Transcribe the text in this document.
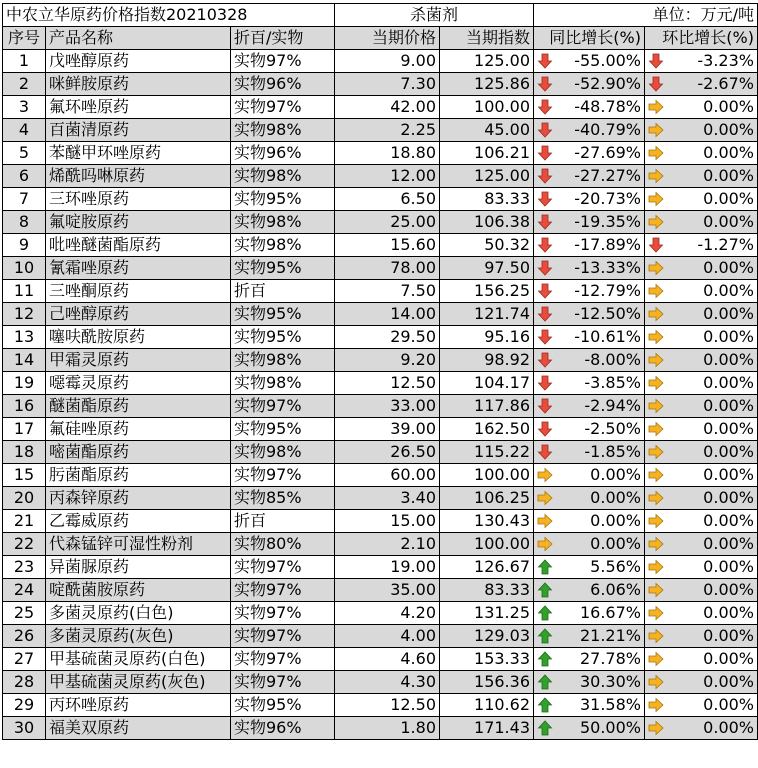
中农立华原药价格指数20210328			杀菌剂		单位：万元/吨	
序号	产品名称	折百/实物	当期价格	当期指数	同比增长(%)	环比增长(%)
1	戊唑醇原药	实物97%	9.00	125.00	-55.00%	-3.23%

2	咪鲜胺原药	实物96%	7.30	125.86	-52.90%	-2.67%

3	氟环唑原药	实物97%	42.00	100.00	-48.78%	0.00%

4	百菌清原药	实物98%	2.25	45.00	-40.79%	0.00%

5	苯醚甲环唑原药	实物96%	18.80	106.21	-27.69%	0.00%

6	烯酰吗啉原药	实物98%	12.00	125.00	-27.27%	0.00%

7	三环唑原药	实物95%	6.50	83.33	-20.73%	0.00%

8	氟啶胺原药	实物98%	25.00	106.38	-19.35%	0.00%

9	吡唑醚菌酯原药	实物98%	15.60	50.32	-17.89%	-1.27%

10	氰霜唑原药	实物95%	78.00	97.50	-13.33%	0.00%

11	三唑酮原药	折百	7.50	156.25	-12.79%	0.00%

12	己唑醇原药	实物95%	14.00	121.74	-12.50%	0.00%

13	噻呋酰胺原药	实物95%	29.50	95.16	-10.61%	0.00%

14	甲霜灵原药	实物98%	9.20	98.92	-8.00%	0.00%

19	噁霉灵原药	实物98%	12.50	104.17	-3.85%	0.00%

16	醚菌酯原药	实物97%	33.00	117.86	-2.94%	0.00%

17	氟硅唑原药	实物95%	39.00	162.50	-2.50%	0.00%

18	嘧菌酯原药	实物98%	26.50	115.22	-1.85%	0.00%

15	肟菌酯原药	实物97%	60.00	100.00	0.00%	0.00%

20	丙森锌原药	实物85%	3.40	106.25	0.00%	0.00%

21	乙霉威原药	折百	15.00	130.43	0.00%	0.00%

22	代森锰锌可湿性粉剂	实物80%	2.10	100.00	0.00%	0.00%

23	异菌脲原药	实物97%	19.00	126.67	5.56%	0.00%

24	啶酰菌胺原药	实物97%	35.00	83.33	6.06%	0.00%

25	多菌灵原药(白色)	实物97%	4.20	131.25	16.67%	0.00%

26	多菌灵原药(灰色)	实物97%	4.00	129.03	21.21%	0.00%

27	甲基硫菌灵原药(白色)	实物97%	4.60	153.33	27.78%	0.00%

28	甲基硫菌灵原药(灰色)	实物97%	4.30	156.36	30.30%	0.00%

29	丙环唑原药	实物95%	12.50	110.62	31.58%	0.00%

30	福美双原药	实物96%	1.80	171.43	50.00%	0.00%
